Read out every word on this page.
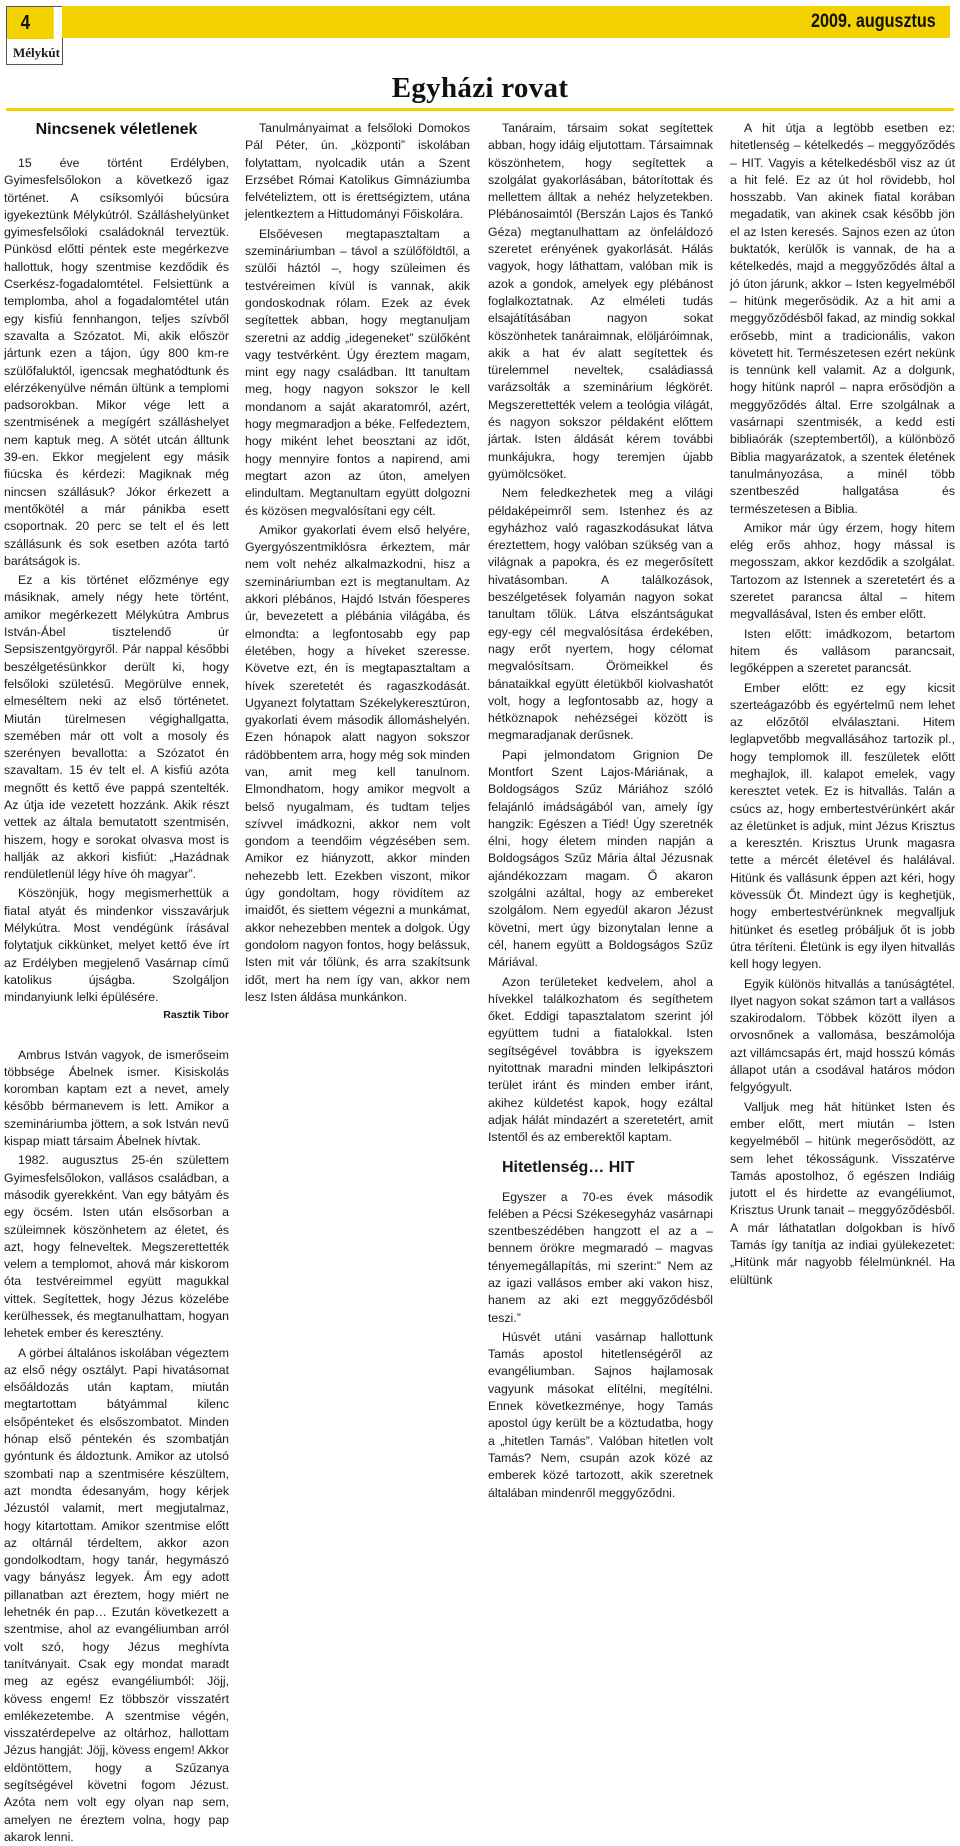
4
Mélykút
2009. augusztus
Egyházi rovat
Nincsenek véletlenek

15 éve történt Erdélyben, Gyimesfelsőlokon a következő igaz történet. A csíksomlyói búcsúra igyekeztünk Mélykútról. Szálláshelyünket gyimesfelsőloki családoknál terveztük. Pünkösd előtti péntek este megérkezve hallottuk, hogy szentmise kezdődik és Cserkész-fogadalomtétel. Felsiettünk a templomba, ahol a fogadalomtétel után egy kisfiú fennhangon, teljes szívből szavalta a Szózatot. Mi, akik először jártunk ezen a tájon, úgy 800 km-re szülőfaluktól, igencsak meghatódtunk és elérzékenyülve némán ültünk a templomi padsorokban. Mikor vége lett a szentmisének a megígért szálláshelyet nem kaptuk meg. A sötét utcán álltunk 39-en. Ekkor megjelent egy másik fiúcska és kérdezi: Magiknak még nincsen szállásuk? Jókor érkezett a mentőkötél a már pánikba esett csoportnak. 20 perc se telt el és lett szállásunk és sok esetben azóta tartó barátságok is.

Ez a kis történet előzménye egy másiknak, amely négy hete történt, amikor megérkezett Mélykútra Ambrus István-Ábel tisztelendő úr Sepsiszentgyörgyről. Pár nappal későbbi beszélgetésünkkor derült ki, hogy felsőloki születésű. Megörülve ennek, elmeséltem neki az első történetet. Miután türelmesen végighallgatta, szemében már ott volt a mosoly és szerényen bevallotta: a Szózatot én szavaltam. 15 év telt el. A kisfiú azóta megnőtt és kettő éve pappá szentelték. Az útja ide vezetett hozzánk. Akik részt vettek az általa bemutatott szentmisén, hiszem, hogy e sorokat olvasva most is hallják az akkori kisfiút: „Hazádnak rendületlenül légy híve óh magyar”.

Köszönjük, hogy megismerhettük a fiatal atyát és mindenkor visszavárjuk Mélykútra. Most vendégünk írásával folytatjuk cikkünket, melyet kettő éve írt az Erdélyben megjelenő Vasárnap című katolikus újságba. Szolgáljon mindanyiunk lelki épülésére.

Rasztik Tibor

Ambrus István vagyok, de ismerőseim többsége Ábelnek ismer. Kisiskolás koromban kaptam ezt a nevet, amely később bérmanevem is lett. Amikor a szemináriumba jöttem, a sok István nevű kispap miatt társaim Ábelnek hívtak.

1982. augusztus 25-én születtem Gyimesfelsőlokon, vallásos családban, a második gyerekként. Van egy bátyám és egy öcsém. Isten után elsősorban a szüleimnek köszönhetem az életet, és azt, hogy felneveltek. Megszerettették velem a templomot, ahová már kiskorom óta testvéreimmel együtt magukkal vittek. Segítettek, hogy Jézus közelébe kerülhessek, és megtanulhattam, hogyan lehetek ember és keresztény.

A görbei általános iskolában végeztem az első négy osztályt. Papi hivatásomat elsőáldozás után kaptam, miután megtartottam bátyámmal kilenc elsőpénteket és elsőszombatot. Minden hónap első péntekén és szombatján gyóntunk és áldoztunk. Amikor az utolsó szombati nap a szentmisére készültem, azt mondta édesanyám, hogy kérjek Jézustól valamit, mert megjutalmaz, hogy kitartottam. Amikor szentmise előtt az oltárnál térdeltem, akkor azon gondolkodtam, hogy tanár, hegymászó vagy bányász legyek. Ám egy adott pillanatban azt éreztem, hogy miért ne lehetnék én pap… Ezután következett a szentmise, ahol az evangéliumban arról volt szó, hogy Jézus meghívta tanítványait. Csak egy mondat maradt meg az egész evangéliumból: Jöjj, kövess engem! Ez többször visszatért emlékezetembe. A szentmise végén, visszatérdepelve az oltárhoz, hallottam Jézus hangját: Jöjj, kövess engem! Akkor eldöntöttem, hogy a Szűzanya segítségével követni fogom Jézust. Azóta nem volt egy olyan nap sem, amelyen ne éreztem volna, hogy pap akarok lenni.

Tanulmányaimat a felsőloki Domokos Pál Péter, ún. „központi” iskolában folytattam, nyolcadik után a Szent Erzsébet Római Katolikus Gimnáziumba felvételiztem, ott is érettségiztem, utána jelentkeztem a Hittudományi Főiskolára.

Elsőévesen megtapasztaltam a szemináriumban – távol a szülőföldtől, a szülői háztól –, hogy szüleimen és testvéreimen kívül is vannak, akik gondoskodnak rólam. Ezek az évek segítettek abban, hogy megtanuljam szeretni az addig „idegeneket” szülőként vagy testvérként. Úgy éreztem magam, mint egy nagy családban. Itt tanultam meg, hogy nagyon sokszor le kell mondanom a saját akaratomról, azért, hogy megmaradjon a béke. Felfedeztem, hogy miként lehet beosztani az időt, hogy mennyire fontos a napirend, ami megtart azon az úton, amelyen elindultam. Megtanultam együtt dolgozni és közösen megvalósítani egy célt.

Amikor gyakorlati évem első helyére, Gyergyószentmiklósra érkeztem, már nem volt nehéz alkalmazkodni, hisz a szemináriumban ezt is megtanultam. Az akkori plébános, Hajdó István főesperes úr, bevezetett a plébánia világába, és elmondta: a legfontosabb egy pap életében, hogy a híveket szeresse. Követve ezt, én is megtapasztaltam a hívek szeretetét és ragaszkodását. Ugyanezt folytattam Székelykeresztúron, gyakorlati évem második állomáshelyén. Ezen hónapok alatt nagyon sokszor rádöbbentem arra, hogy még sok minden van, amit meg kell tanulnom. Elmondhatom, hogy amikor megvolt a belső nyugalmam, és tudtam teljes szívvel imádkozni, akkor nem volt gondom a teendőim végzésében sem. Amikor ez hiányzott, akkor minden nehezebb lett. Ezekben viszont, mikor úgy gondoltam, hogy rövidítem az imaidőt, és siettem végezni a munkámat, akkor nehezebben mentek a dolgok. Úgy gondolom nagyon fontos, hogy belássuk, Isten mit vár tőlünk, és arra szakítsunk időt, mert ha nem így van, akkor nem lesz Isten áldása munkánkon.

Tanáraim, társaim sokat segítettek abban, hogy idáig eljutottam. Társaimnak köszönhetem, hogy segítettek a szolgálat gyakorlásában, bátorítottak és mellettem álltak a nehéz helyzetekben. Plébánosaimtól (Berszán Lajos és Tankó Géza) megtanulhattam az önfeláldozó szeretet erényének gyakorlását. Hálás vagyok, hogy láthattam, valóban mik is azok a gondok, amelyek egy plébánost foglalkoztatnak. Az elméleti tudás elsajátításában nagyon sokat köszönhetek tanáraimnak, elöljáróimnak, akik a hat év alatt segítettek és türelemmel neveltek, családiassá varázsolták a szeminárium légkörét. Megszerettették velem a teológia világát, és nagyon sokszor példaként előttem jártak. Isten áldását kérem további munkájukra, hogy teremjen újabb gyümölcsöket.

Nem feledkezhetek meg a világi példaképeimről sem. Istenhez és az egyházhoz való ragaszkodásukat látva éreztettem, hogy valóban szükség van a világnak a papokra, és ez megerősített hivatásomban. A találkozások, beszélgetések folyamán nagyon sokat tanultam tőlük. Látva elszántságukat egy-egy cél megvalósítása érdekében, nagy erőt nyertem, hogy célomat megvalósítsam. Örömeikkel és bánataikkal együtt életükből kiolvashatót volt, hogy a legfontosabb az, hogy a hétköznapok nehézségei között is megmaradjanak derűsnek.

Papi jelmondatom Grignion De Montfort Szent Lajos-Máriának, a Boldogságos Szűz Máriához szóló felajánló imádságából van, amely így hangzik: Egészen a Tiéd! Úgy szeretnék élni, hogy életem minden napján a Boldogságos Szűz Mária által Jézusnak ajándékozzam magam. Ő akaron szolgálni azáltal, hogy az embereket szolgálom. Nem egyedül akaron Jézust követni, mert úgy bizonytalan lenne a cél, hanem együtt a Boldogságos Szűz Máriával.

Azon területeket kedvelem, ahol a hívekkel találkozhatom és segíthetem őket. Eddigi tapasztalatom szerint jól együttem tudni a fiatalokkal. Isten segítségével továbbra is igyekszem nyitottnak maradni minden lelkipásztori terület iránt és minden ember iránt, akihez küldetést kapok, hogy ezáltal adjak hálát mindazért a szeretetért, amit Istentől és az emberektől kaptam.

Hitetlenség… HIT

Egyszer a 70-es évek második felében a Pécsi Székesegyház vasárnapi szentbeszédében hangzott el az a – bennem örökre megmaradó – magvas tényemegállapítás, mi szerint:” Nem az az igazi vallásos ember aki vakon hisz, hanem az aki ezt meggyőződésből teszi.”

Húsvét utáni vasárnap hallottunk Tamás apostol hitetlenségéről az evangéliumban. Sajnos hajlamosak vagyunk másokat elítélni, megítélni. Ennek következménye, hogy Tamás apostol úgy került be a köztudatba, hogy a „hitetlen Tamás”. Valóban hitetlen volt Tamás? Nem, csupán azok közé az emberek közé tartozott, akik szeretnek általában mindenről meggyőződni.

A hit útja a legtöbb esetben ez: hitetlenség – kételkedés – meggyőződés – HIT. Vagyis a kételkedésből visz az út a hit felé. Ez az út hol rövidebb, hol hosszabb. Van akinek fiatal korában megadatik, van akinek csak később jön el az Isten keresés. Sajnos ezen az úton buktatók, kerülők is vannak, de ha a kételkedés, majd a meggyőződés által a jó úton járunk, akkor – Isten kegyelméből – hitünk megerősödik. Az a hit ami a meggyőződésből fakad, az mindig sokkal erősebb, mint a tradicionális, vakon követett hit. Természetesen ezért nekünk is tennünk kell valamit. Az a dolgunk, hogy hitünk napról – napra erősödjön a meggyőződés által. Erre szolgálnak a vasárnapi szentmisék, a kedd esti bibliaórák (szeptembertől), a különböző Biblia magyarázatok, a szentek életének tanulmányozása, a minél több szentbeszéd hallgatása és természetesen a Biblia.

Amikor már úgy érzem, hogy hitem elég erős ahhoz, hogy mással is megosszam, akkor kezdődik a szolgálat. Tartozom az Istennek a szeretetért és a szeretet parancsa által – hitem megvallásával, Isten és ember előtt.

Isten előtt: imádkozom, betartom hitem és vallásom parancsait, legőképpen a szeretet parancsát.

Ember előtt: ez egy kicsit szerteágazóbb és egyértelmű nem lehet az előzőtől elválasztani. Hitem leglapvetőbb megvallásához tartozik pl., hogy templomok ill. feszületek előtt meghajlok, ill. kalapot emelek, vagy keresztet vetek. Ez is hitvallás. Talán a csúcs az, hogy embertestvérünkért akár az életünket is adjuk, mint Jézus Krisztus a keresztén. Krisztus Urunk magasra tette a mércét életével és halálával. Hitünk és vallásunk éppen azt kéri, hogy kövessük Őt. Mindezt úgy is keghetjük, hogy embertestvérünknek megvalljuk hitünket és esetleg próbáljuk őt is jobb útra téríteni. Életünk is egy ilyen hitvallás kell hogy legyen.

Egyik különös hitvallás a tanúságtétel. Ilyet nagyon sokat számon tart a vallásos szakirodalom. Többek között ilyen a orvosnőnek a vallomása, beszámolója azt villámcsapás ért, majd hosszú kómás állapot után a csodával határos módon felgyógyult.

Valljuk meg hát hitünket Isten és ember előtt, mert miután – Isten kegyelméből – hitünk megerősödött, az sem lehet tékosságunk. Visszatérve Tamás apostolhoz, ő egészen Indiáig jutott el és hirdette az evangéliumot, Krisztus Urunk tanait – meggyőződésből. A már láthatatlan dolgokban is hívő Tamás így tanítja az indiai gyülekezetet: „Hitünk már nagyobb félelmünknél. Ha elültünk
